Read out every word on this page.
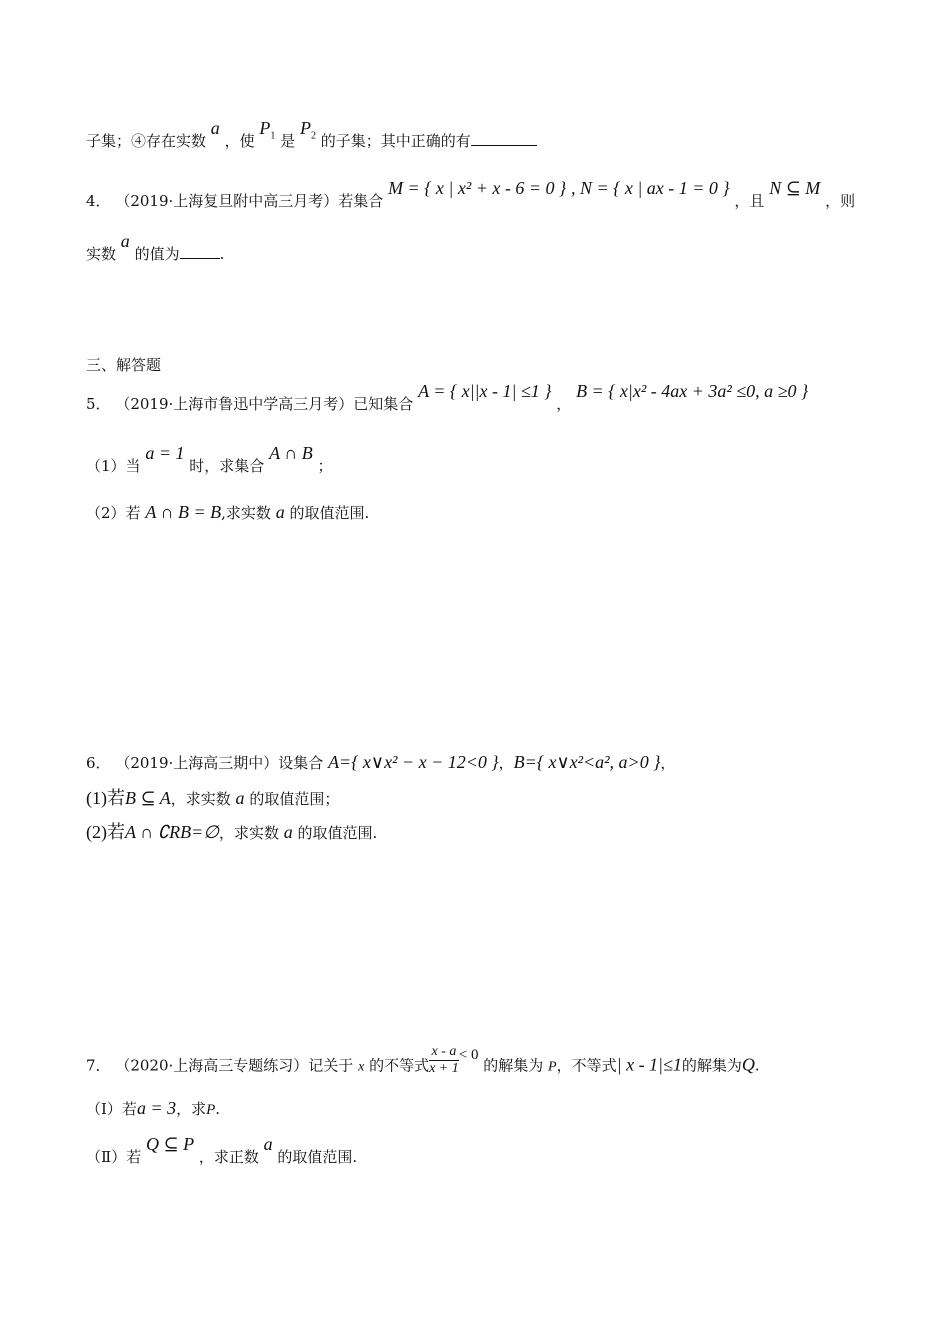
子集；④存在实数 a ，使 $P_1$ 是 $P_2$ 的子集；其中正确的有
4． （2019·上海复旦附中高三月考）若集合 M = { x | x² + x - 6 = 0 } , N = { x | ax - 1 = 0 } ，且 N ⊆ M ，则
实数 a 的值为	.
三、解答题
5． （2019·上海市鲁迅中学高三月考）已知集合 A = { x||x - 1| ≤1 } ， B = { x|x² - 4ax + 3a² ≤0, a ≥0 }
（1）当 a = 1 时，求集合 A ∩ B ；
（2）若 A ∩ B = B,求实数 a 的取值范围.
6． （2019·上海高三期中）设集合 A={ x∨x² − x − 12<0 }，B={ x∨x²<a², a>0 }，
(1)若B ⊆ A，求实数 a 的取值范围；
(2)若A ∩ ∁RB=∅，求实数 a 的取值范围.
7． （2020·上海高三专题练习）记关于 x 的不等式 $\frac{x - a}{x + 1} < 0$ 的解集为 P，不等式| x - 1|≤1的解集为Q.
（Ⅰ）若a = 3，求P.
（Ⅱ）若 Q ⊆ P ，求正数 a 的取值范围.
